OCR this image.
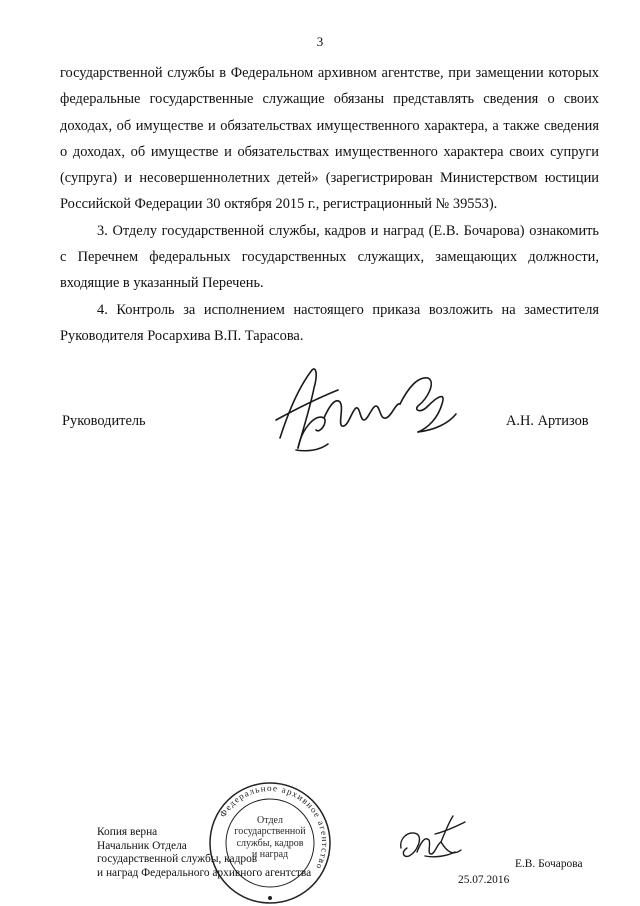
3

государственной службы в Федеральном архивном агентстве, при замещении которых федеральные государственные служащие обязаны представлять сведения о своих доходах, об имуществе и обязательствах имущественного характера, а также сведения о доходах, об имуществе и обязательствах имущественного характера своих супруги (супруга) и несовершеннолетних детей» (зарегистрирован Министерством юстиции Российской Федерации 30 октября 2015 г., регистрационный № 39553).

3. Отделу государственной службы, кадров и наград (Е.В. Бочарова) ознакомить с Перечнем федеральных государственных служащих, замещающих должности, входящие в указанный Перечень.

4. Контроль за исполнением настоящего приказа возложить на заместителя Руководителя Росархива В.П. Тарасова.

Руководитель	А.Н. Артизов
Федеральное архивное агентство
Отдел
государственной
службы, кадров
и наград
Копия верна
Начальник Отдела
государственной службы, кадров
и наград Федерального архивного агентства
Е.В. Бочарова
25.07.2016
